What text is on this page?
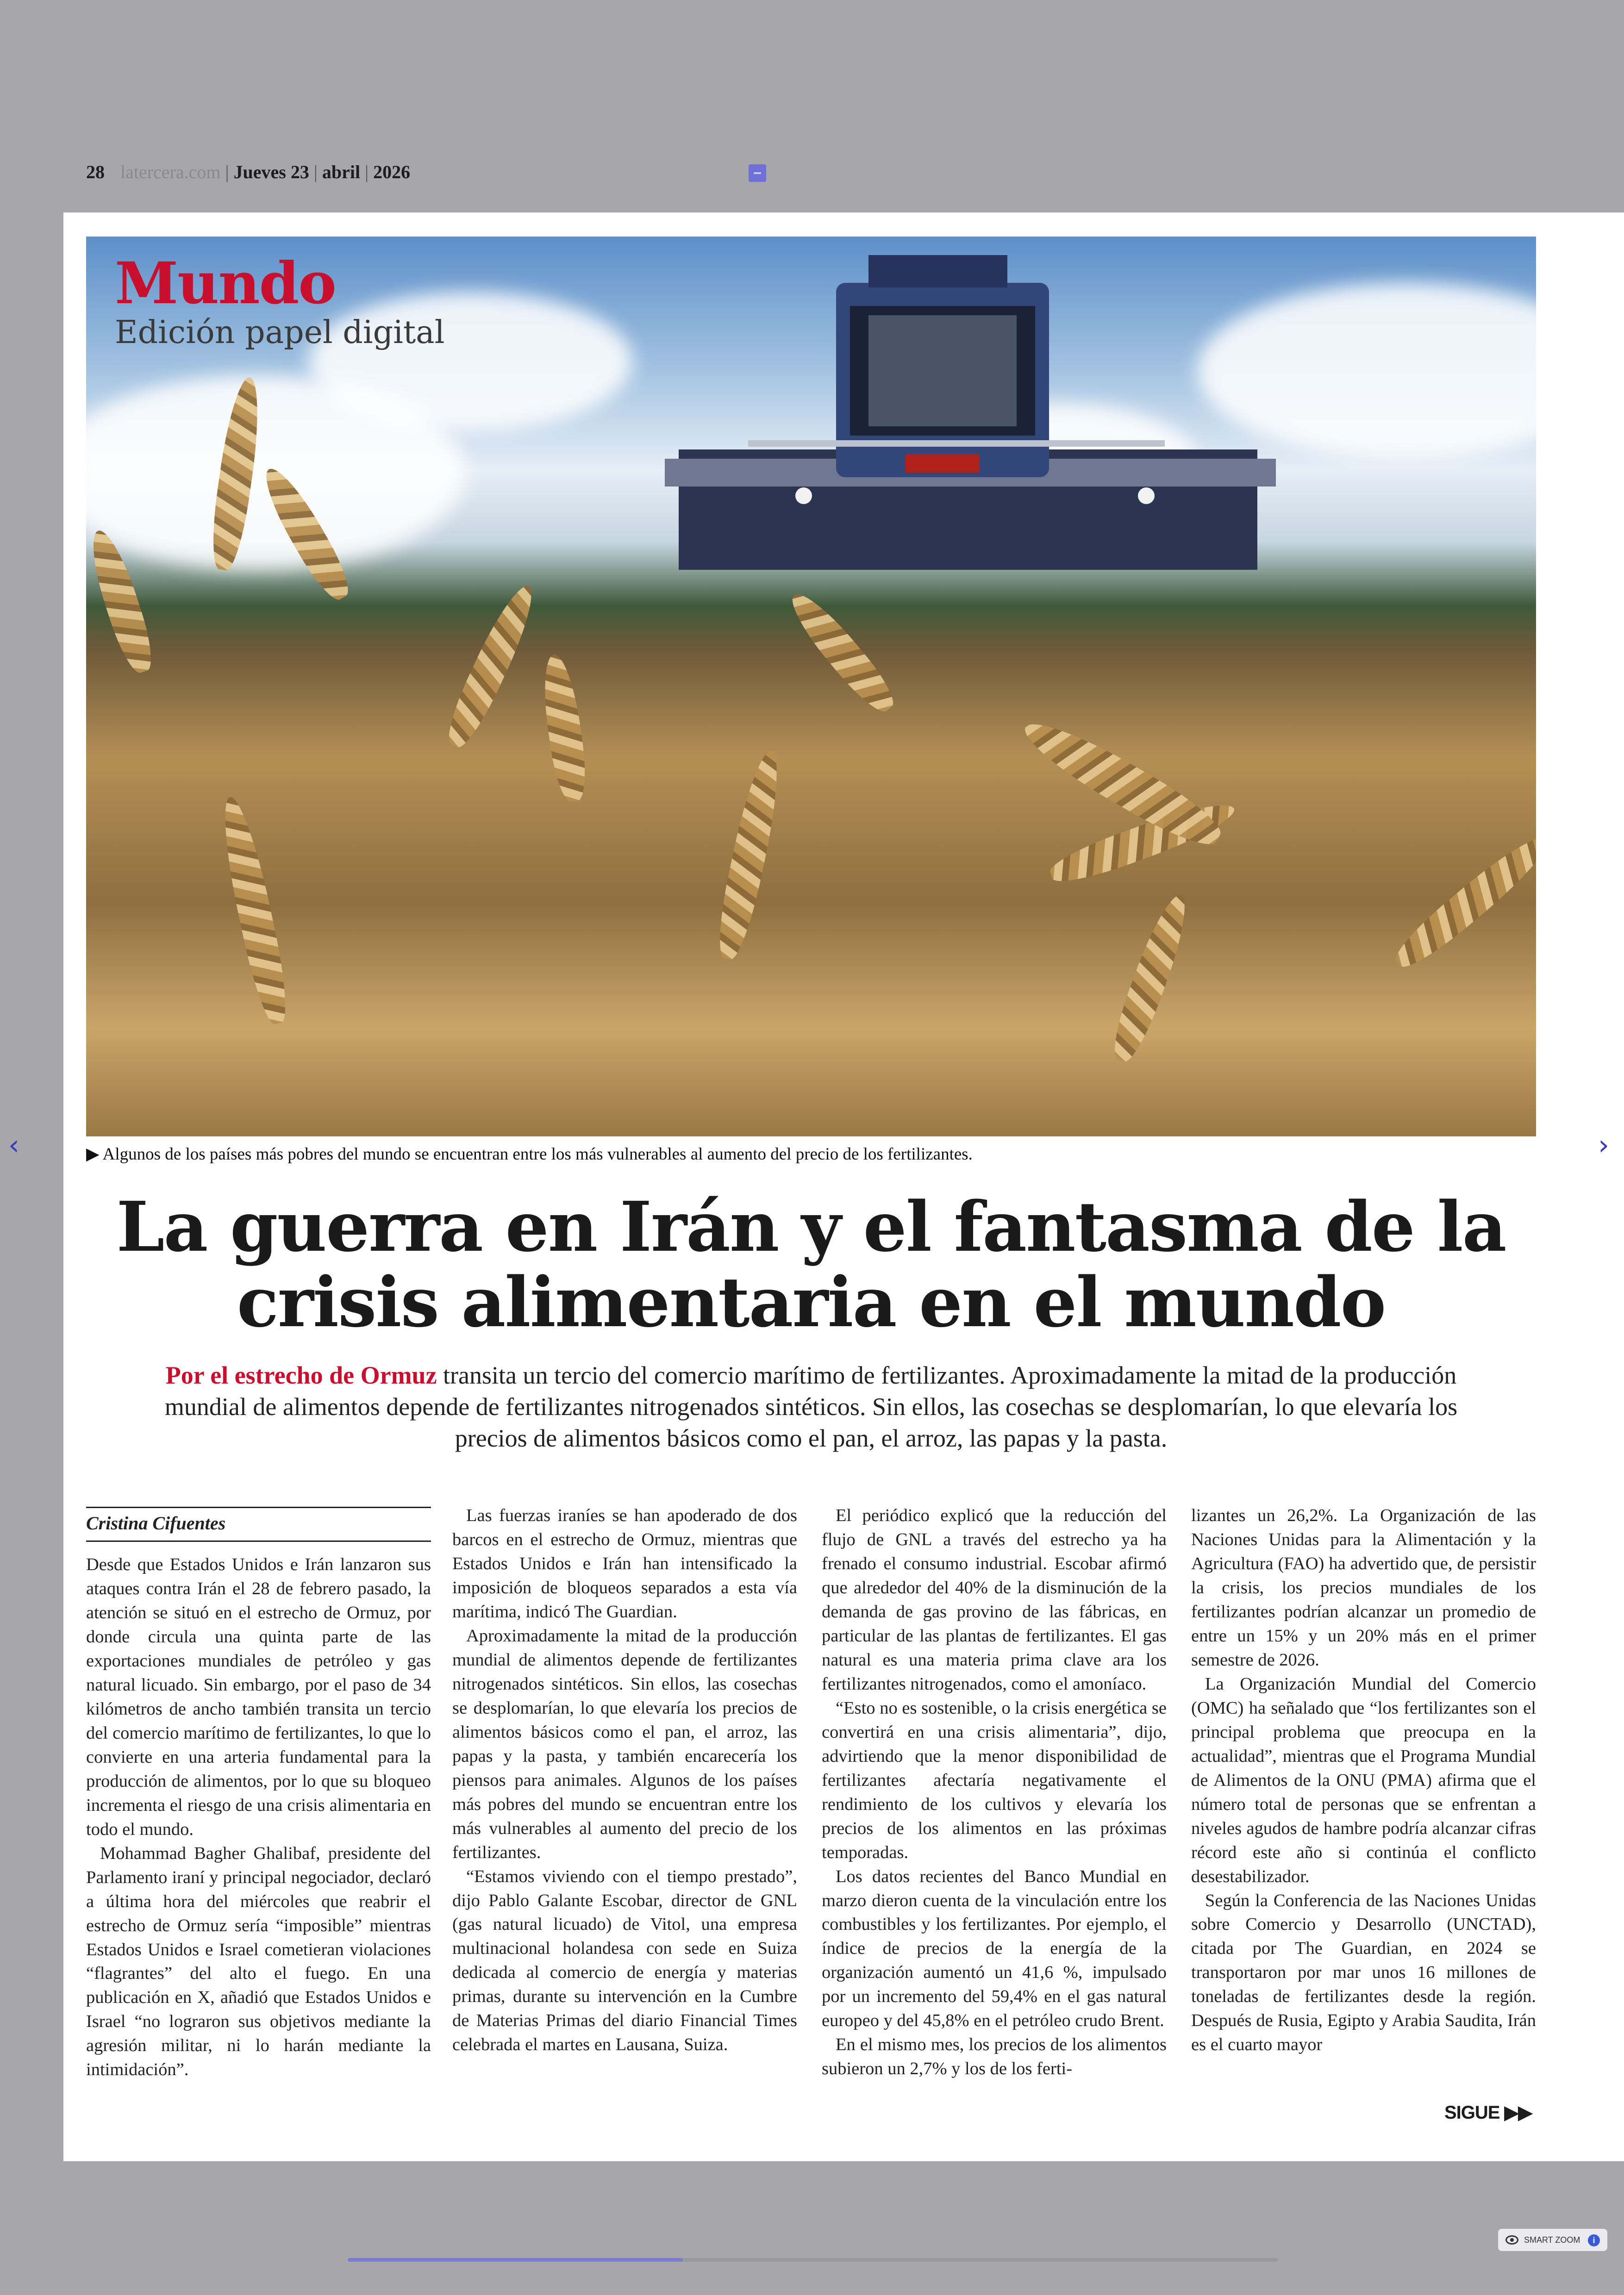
28 latercera.com | Jueves 23 | abril | 2026
Mundo
Edición papel digital
▶ Algunos de los países más pobres del mundo se encuentran entre los más vulnerables al aumento del precio de los fertilizantes.
La guerra en Irán y el fantasma de la
crisis alimentaria en el mundo
Por el estrecho de Ormuz transita un tercio del comercio marítimo de fertilizantes. Aproximadamente la mitad de la producción mundial de alimentos depende de fertilizantes nitrogenados sintéticos. Sin ellos, las cosechas se desplomarían, lo que elevaría los precios de alimentos básicos como el pan, el arroz, las papas y la pasta.
Cristina Cifuentes

Desde que Estados Unidos e Irán lanzaron sus ataques contra Irán el 28 de febrero pasado, la atención se situó en el estrecho de Ormuz, por donde circula una quinta parte de las exportaciones mundiales de petróleo y gas natural licuado. Sin embargo, por el paso de 34 kilómetros de ancho también transita un tercio del comercio marítimo de fertilizantes, lo que lo convierte en una arteria fundamental para la producción de alimentos, por lo que su bloqueo incrementa el riesgo de una crisis alimentaria en todo el mundo.

Mohammad Bagher Ghalibaf, presidente del Parlamento iraní y principal negociador, declaró a última hora del miércoles que reabrir el estrecho de Ormuz sería “imposible” mientras Estados Unidos e Israel cometieran violaciones “flagrantes” del alto el fuego. En una publicación en X, añadió que Estados Unidos e Israel “no lograron sus objetivos mediante la agresión militar, ni lo harán mediante la intimidación”.

Las fuerzas iraníes se han apoderado de dos barcos en el estrecho de Ormuz, mientras que Estados Unidos e Irán han intensificado la imposición de bloqueos separados a esta vía marítima, indicó The Guardian.

Aproximadamente la mitad de la producción mundial de alimentos depende de fertilizantes nitrogenados sintéticos. Sin ellos, las cosechas se desplomarían, lo que elevaría los precios de alimentos básicos como el pan, el arroz, las papas y la pasta, y también encarecería los piensos para animales. Algunos de los países más pobres del mundo se encuentran entre los más vulnerables al aumento del precio de los fertilizantes.

“Estamos viviendo con el tiempo prestado”, dijo Pablo Galante Escobar, director de GNL (gas natural licuado) de Vitol, una empresa multinacional holandesa con sede en Suiza dedicada al comercio de energía y materias primas, durante su intervención en la Cumbre de Materias Primas del diario Financial Times celebrada el martes en Lausana, Suiza.

El periódico explicó que la reducción del flujo de GNL a través del estrecho ya ha frenado el consumo industrial. Escobar afirmó que alrededor del 40% de la disminución de la demanda de gas provino de las fábricas, en particular de las plantas de fertilizantes. El gas natural es una materia prima clave ara los fertilizantes nitrogenados, como el amoníaco.

“Esto no es sostenible, o la crisis energética se convertirá en una crisis alimentaria”, dijo, advirtiendo que la menor disponibilidad de fertilizantes afectaría negativamente el rendimiento de los cultivos y elevaría los precios de los alimentos en las próximas temporadas.

Los datos recientes del Banco Mundial en marzo dieron cuenta de la vinculación entre los combustibles y los fertilizantes. Por ejemplo, el índice de precios de la energía de la organización aumentó un 41,6 %, impulsado por un incremento del 59,4% en el gas natural europeo y del 45,8% en el petróleo crudo Brent.

En el mismo mes, los precios de los alimentos subieron un 2,7% y los de los ferti-

lizantes un 26,2%. La Organización de las Naciones Unidas para la Alimentación y la Agricultura (FAO) ha advertido que, de persistir la crisis, los precios mundiales de los fertilizantes podrían alcanzar un promedio de entre un 15% y un 20% más en el primer semestre de 2026.

La Organización Mundial del Comercio (OMC) ha señalado que “los fertilizantes son el principal problema que preocupa en la actualidad”, mientras que el Programa Mundial de Alimentos de la ONU (PMA) afirma que el número total de personas que se enfrentan a niveles agudos de hambre podría alcanzar cifras récord este año si continúa el conflicto desestabilizador.

Según la Conferencia de las Naciones Unidas sobre Comercio y Desarrollo (UNCTAD), citada por The Guardian, en 2024 se transportaron por mar unos 16 millones de toneladas de fertilizantes desde la región. Después de Rusia, Egipto y Arabia Saudita, Irán es el cuarto mayor

SIGUE ▶▶
‹	›
SMART ZOOM	i
